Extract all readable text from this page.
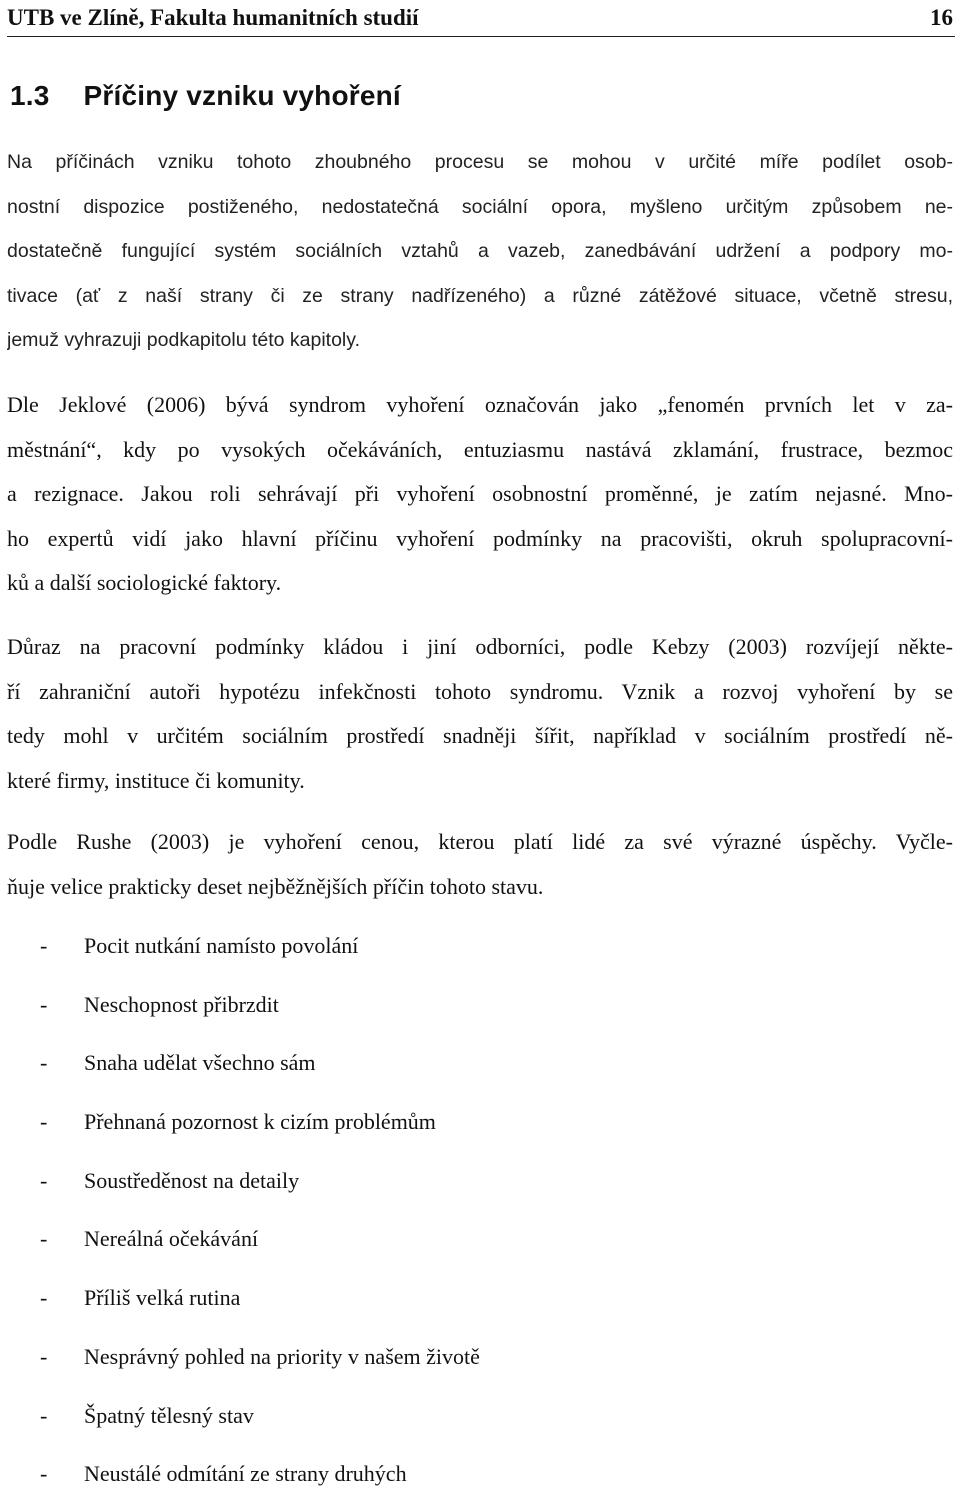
UTB ve Zlíně, Fakulta humanitních studií	16
1.3 Příčiny vzniku vyhoření

Na příčinách vzniku tohoto zhoubného procesu se mohou v určité míře podílet osob-
nostní dispozice postiženého, nedostatečná sociální opora, myšleno určitým způsobem ne-
dostatečně fungující systém sociálních vztahů a vazeb, zanedbávání udržení a podpory mo-
tivace (ať z naší strany či ze strany nadřízeného) a různé zátěžové situace, včetně stresu,
jemuž vyhrazuji podkapitolu této kapitoly.

Dle Jeklové (2006) bývá syndrom vyhoření označován jako „fenomén prvních let v za-
městnání“, kdy po vysokých očekáváních, entuziasmu nastává zklamání, frustrace, bezmoc
a rezignace. Jakou roli sehrávají při vyhoření osobnostní proměnné, je zatím nejasné. Mno-
ho expertů vidí jako hlavní příčinu vyhoření podmínky na pracovišti, okruh spolupracovní-
ků a další sociologické faktory.

Důraz na pracovní podmínky kládou i jiní odborníci, podle Kebzy (2003) rozvíjejí někte-
ří zahraniční autoři hypotézu infekčnosti tohoto syndromu. Vznik a rozvoj vyhoření by se
tedy mohl v určitém sociálním prostředí snadněji šířit, například v sociálním prostředí ně-
které firmy, instituce či komunity.

Podle Rushe (2003) je vyhoření cenou, kterou platí lidé za své výrazné úspěchy. Vyčle-
ňuje velice prakticky deset nejběžnějších příčin tohoto stavu.

- Pocit nutkání namísto povolání
- Neschopnost přibrzdit
- Snaha udělat všechno sám
- Přehnaná pozornost k cizím problémům
- Soustředěnost na detaily
- Nereálná očekávání
- Příliš velká rutina
- Nesprávný pohled na priority v našem životě
- Špatný tělesný stav
- Neustálé odmítání ze strany druhých
